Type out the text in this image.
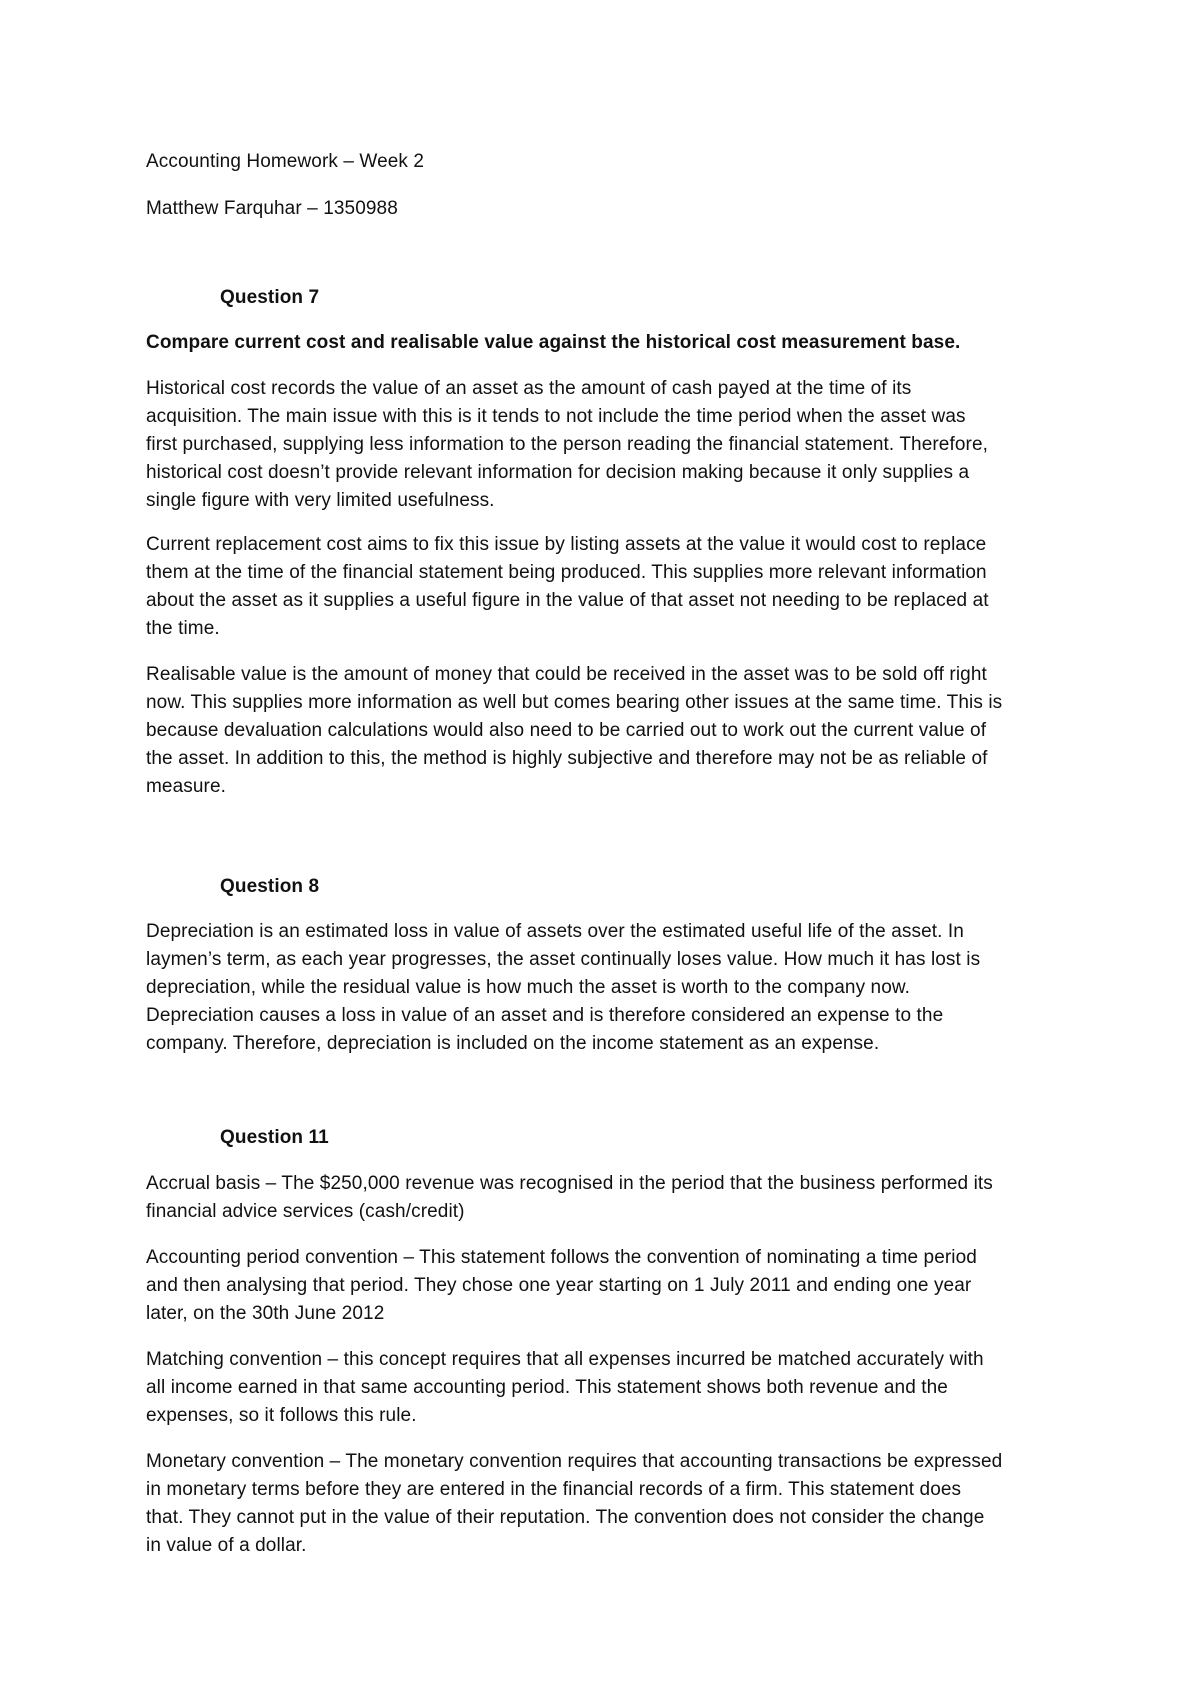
Accounting Homework – Week 2
Matthew Farquhar – 1350988
Question 7
Compare current cost and realisable value against the historical cost measurement base.
Historical cost records the value of an asset as the amount of cash payed at the time of its
acquisition. The main issue with this is it tends to not include the time period when the asset was
first purchased, supplying less information to the person reading the financial statement. Therefore,
historical cost doesn’t provide relevant information for decision making because it only supplies a
single figure with very limited usefulness.
Current replacement cost aims to fix this issue by listing assets at the value it would cost to replace
them at the time of the financial statement being produced. This supplies more relevant information
about the asset as it supplies a useful figure in the value of that asset not needing to be replaced at
the time.
Realisable value is the amount of money that could be received in the asset was to be sold off right
now. This supplies more information as well but comes bearing other issues at the same time. This is
because devaluation calculations would also need to be carried out to work out the current value of
the asset. In addition to this, the method is highly subjective and therefore may not be as reliable of
measure.
Question 8
Depreciation is an estimated loss in value of assets over the estimated useful life of the asset. In
laymen’s term, as each year progresses, the asset continually loses value. How much it has lost is
depreciation, while the residual value is how much the asset is worth to the company now.
Depreciation causes a loss in value of an asset and is therefore considered an expense to the
company. Therefore, depreciation is included on the income statement as an expense.
Question 11
Accrual basis – The $250,000 revenue was recognised in the period that the business performed its
financial advice services (cash/credit)
Accounting period convention – This statement follows the convention of nominating a time period
and then analysing that period. They chose one year starting on 1 July 2011 and ending one year
later, on the 30th June 2012
Matching convention – this concept requires that all expenses incurred be matched accurately with
all income earned in that same accounting period. This statement shows both revenue and the
expenses, so it follows this rule.
Monetary convention – The monetary convention requires that accounting transactions be expressed
in monetary terms before they are entered in the financial records of a firm. This statement does
that. They cannot put in the value of their reputation. The convention does not consider the change
in value of a dollar.
